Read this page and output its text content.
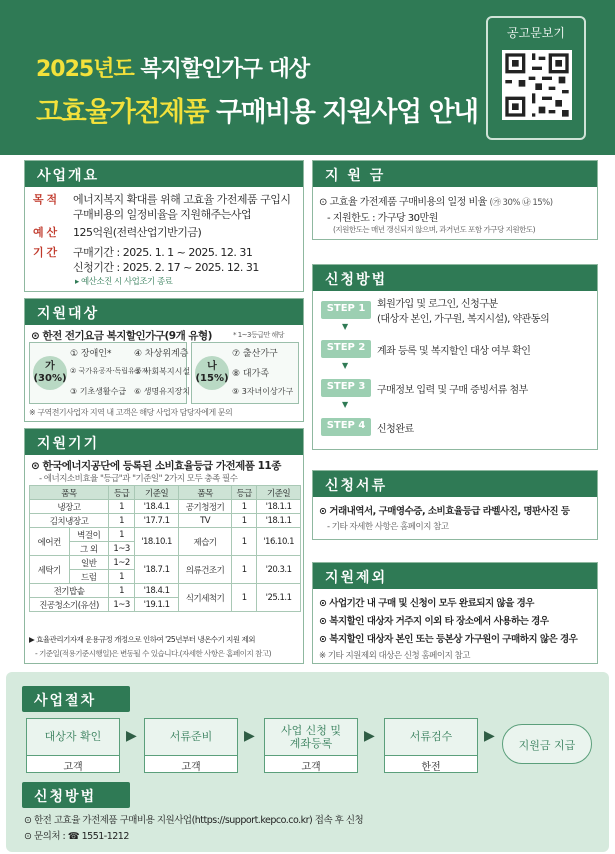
2025년도 복지할인가구 대상
고효율가전제품 구매비용 지원사업 안내
공고문보기
사업개요
목 적 에너지복지 확대를 위해 고효율 가전제품 구입시
구매비용의 일정비율을 지원해주는사업
예 산 125억원(전력산업기반기금)
기 간 구매기간 : 2025. 1. 1 ~ 2025. 12. 31
신청기간 : 2025. 2. 17 ~ 2025. 12. 31
▸ 예산소진 시 사업조기 종료
지원대상
⊙ 한전 전기요금 복지할인가구(9개 유형)	* 1~3등급만 해당
가
(30%)
① 장애인* ④ 차상위계층
② 국가유공자·독립유공자
⑤ 사회복지시설
③ 기초생활수급 ⑥ 생명유지장치
나
(15%)
⑦ 출산가구
⑧ 대가족
⑨ 3자녀이상가구
※ 구역전기사업자 지역 내 고객은 해당 사업자 담당자에게 문의
지원기기
⊙ 한국에너지공단에 등록된 소비효율등급 가전제품 11종
- 에너지소비효율 "등급"과 "기준일" 2가지 모두 충족 필수
품목		등급	기준일	품목	등급	기준일
냉장고		1	'18.4.1	공기청정기	1	'18.1.1
김치냉장고		1	'17.7.1	TV	1	'18.1.1
에어컨	벽걸이	1	'18.10.1	제습기	1	'16.10.1
	그 외	1~3				
세탁기	일반	1~2	'18.7.1	의류건조기	1	'20.3.1
	드럼	1				
전기밥솥		1	'18.4.1	식기세척기	1	'25.1.1
진공청소기(유선)		1~3	'19.1.1			
▶ 효율관리기자재 운용규정 개정으로 인하여 '25년부터 냉온수기 지원 제외
- 기준일(적용기준시행일)은 변동될 수 있습니다.(자세한 사항은 홈페이지 참고)
지 원 금
⊙ 고효율 가전제품 구매비용의 일정 비율 (㉮ 30% ㉯ 15%)
- 지원한도 : 가구당 30만원
(지원한도는 매년 갱신되지 않으며, 과거년도 포함 가구당 지원한도)
신청방법
STEP 1	회원가입 및 로그인, 신청구분
(대상자 본인, 가구원, 복지시설), 약관동의
▼
STEP 2	계좌 등록 및 복지할인 대상 여부 확인
▼
STEP 3	구매정보 입력 및 구매 증빙서류 첨부
▼
STEP 4	신청완료
신청서류
⊙ 거래내역서, 구매영수증, 소비효율등급 라벨사진, 명판사진 등
- 기타 자세한 사항은 홈페이지 참고
지원제외
⊙ 사업기간 내 구매 및 신청이 모두 완료되지 않을 경우
⊙ 복지할인 대상자 거주지 이외 타 장소에서 사용하는 경우
⊙ 복지할인 대상자 본인 또는 등본상 가구원이 구매하지 않은 경우
※ 기타 지원제외 대상은 신청 홈페이지 참고
사업절차
대상자 확인
고객
▶	서류준비
고객
▶	사업 신청 및
계좌등록
고객
▶	서류검수
한전
▶
지원금 지급
신청방법
⊙ 한전 고효율 가전제품 구매비용 지원사업(https://support.kepco.co.kr) 접속 후 신청
⊙ 문의처 : ☎ 1551-1212
